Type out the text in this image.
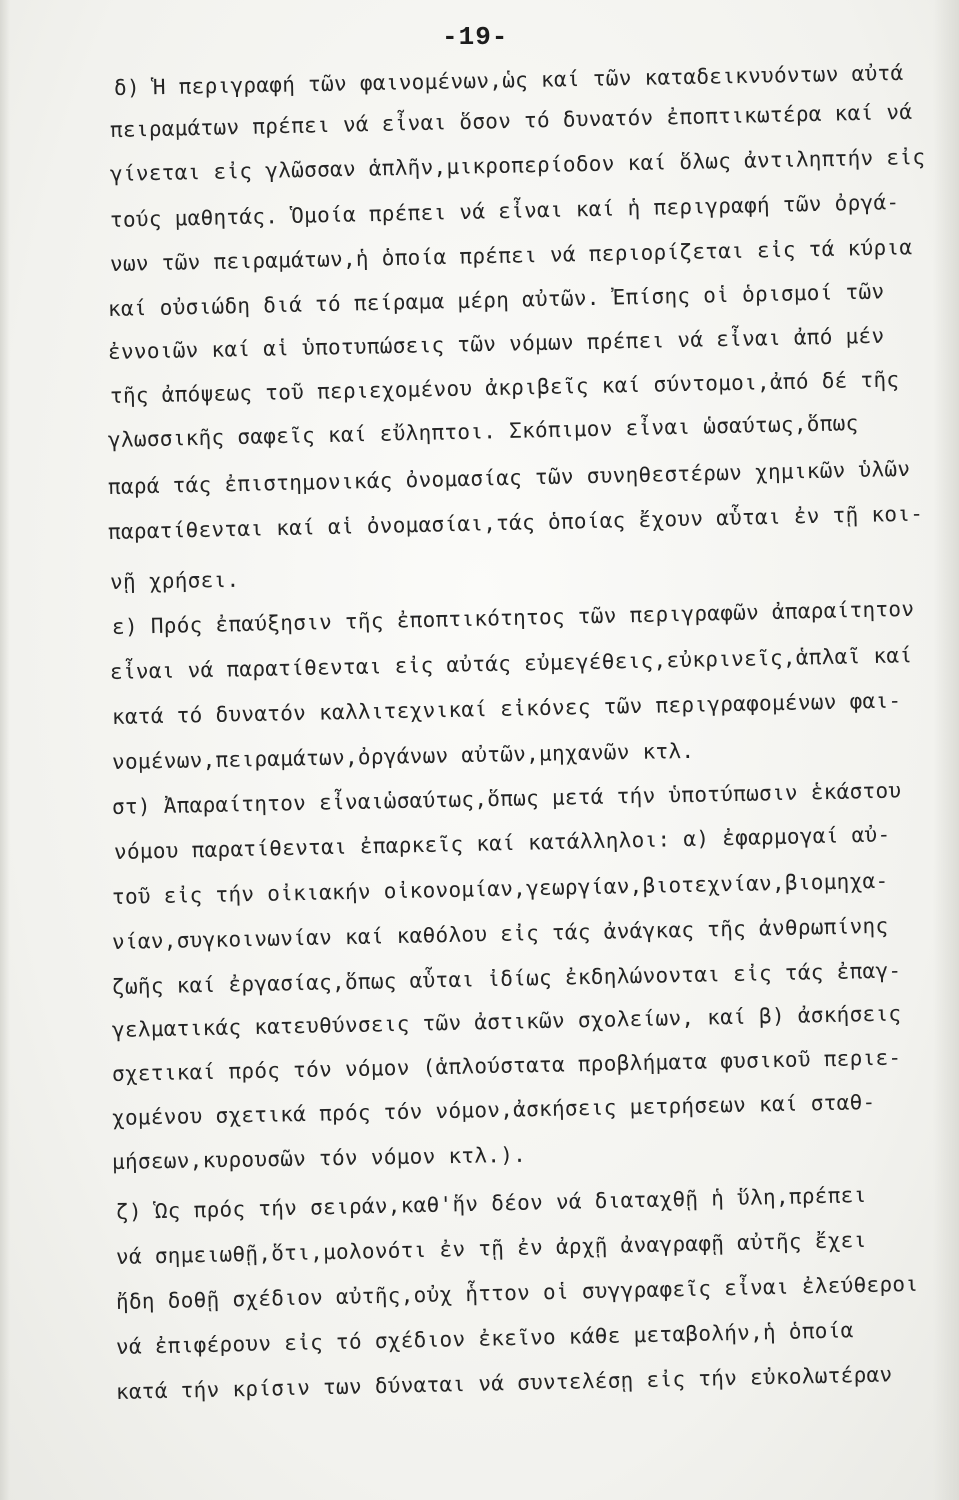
-19-
δ) Ἡ περιγραφή τῶν φαινομένων,ὡς καί τῶν καταδεικνυόντων αὐτά
πειραμάτων πρέπει νά εἶναι ὅσον τό δυνατόν ἐποπτικωτέρα καί νά
γίνεται εἰς γλῶσσαν ἁπλῆν,μικροπερίοδον καί ὅλως ἀντιληπτήν εἰς
τούς μαθητάς. Ὁμοία πρέπει νά εἶναι καί ἡ περιγραφή τῶν ὀργά-
νων τῶν πειραμάτων,ἡ ὁποία πρέπει νά περιορίζεται εἰς τά κύρια
καί οὐσιώδη διά τό πείραμα μέρη αὐτῶν. Ἐπίσης οἱ ὁρισμοί τῶν
ἐννοιῶν καί αἱ ὑποτυπώσεις τῶν νόμων πρέπει νά εἶναι ἀπό μέν
τῆς ἀπόψεως τοῦ περιεχομένου ἀκριβεῖς καί σύντομοι,ἀπό δέ τῆς
γλωσσικῆς σαφεῖς καί εὔληπτοι. Σκόπιμον εἶναι ὡσαύτως,ὅπως
παρά τάς ἐπιστημονικάς ὀνομασίας τῶν συνηθεστέρων χημικῶν ὑλῶν
παρατίθενται καί αἱ ὀνομασίαι,τάς ὁποίας ἔχουν αὗται ἐν τῇ κοι-
νῇ χρήσει.
ε) Πρός ἐπαύξησιν τῆς ἐποπτικότητος τῶν περιγραφῶν ἀπαραίτητον
εἶναι νά παρατίθενται εἰς αὐτάς εὐμεγέθεις,εὐκρινεῖς,ἁπλαῖ καί
κατά τό δυνατόν καλλιτεχνικαί εἰκόνες τῶν περιγραφομένων φαι-
νομένων,πειραμάτων,ὀργάνων αὐτῶν,μηχανῶν κτλ.
στ) Ἀπαραίτητον εἶναιὡσαύτως,ὅπως μετά τήν ὑποτύπωσιν ἑκάστου
νόμου παρατίθενται ἐπαρκεῖς καί κατάλληλοι: α) ἐφαρμογαί αὐ-
τοῦ εἰς τήν οἰκιακήν οἰκονομίαν,γεωργίαν,βιοτεχνίαν,βιομηχα-
νίαν,συγκοινωνίαν καί καθόλου εἰς τάς ἀνάγκας τῆς ἀνθρωπίνης
ζωῆς καί ἐργασίας,ὅπως αὗται ἰδίως ἐκδηλώνονται εἰς τάς ἐπαγ-
γελματικάς κατευθύνσεις τῶν ἀστικῶν σχολείων, καί β) ἀσκήσεις
σχετικαί πρός τόν νόμον (ἁπλούστατα προβλήματα φυσικοῦ περιε-
χομένου σχετικά πρός τόν νόμον,ἀσκήσεις μετρήσεων καί σταθ-
μήσεων,κυρουσῶν τόν νόμον κτλ.).
ζ) Ὡς πρός τήν σειράν,καθ'ἥν δέον νά διαταχθῇ ἡ ὕλη,πρέπει
νά σημειωθῇ,ὅτι,μολονότι ἐν τῇ ἐν ἀρχῇ ἀναγραφῇ αὐτῆς ἔχει
ἤδη δοθῇ σχέδιον αὐτῆς,οὐχ ἧττον οἱ συγγραφεῖς εἶναι ἐλεύθεροι
νά ἐπιφέρουν εἰς τό σχέδιον ἐκεῖνο κάθε μεταβολήν,ἡ ὁποία
κατά τήν κρίσιν των δύναται νά συντελέσῃ εἰς τήν εὐκολωτέραν
